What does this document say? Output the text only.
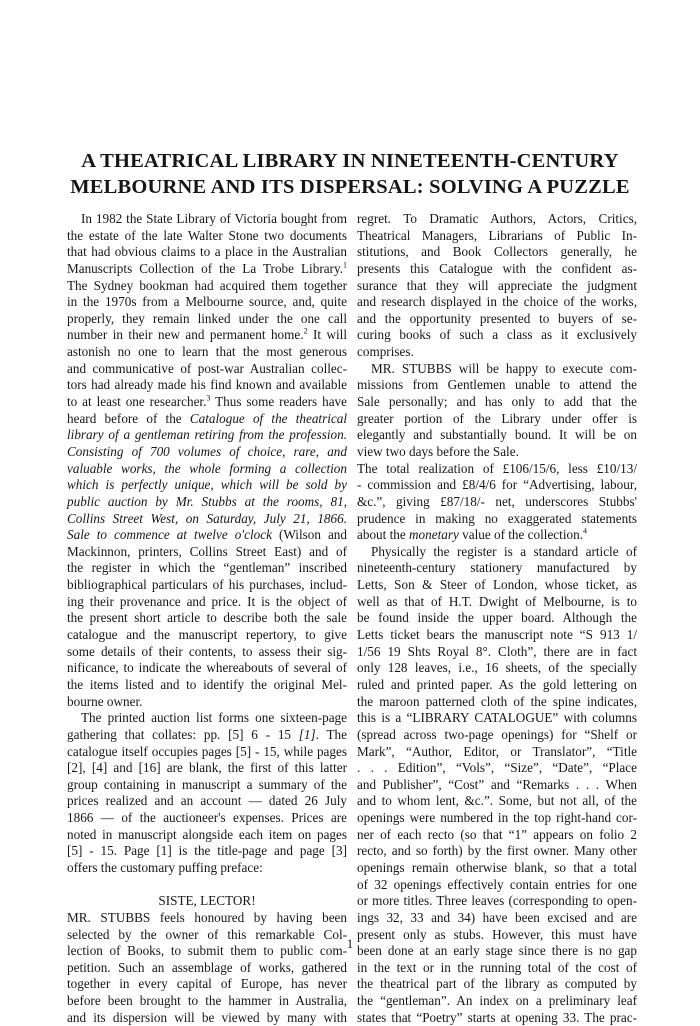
A THEATRICAL LIBRARY IN NINETEENTH-CENTURY
MELBOURNE AND ITS DISPERSAL: SOLVING A PUZZLE
In 1982 the State Library of Victoria bought from
the estate of the late Walter Stone two documents
that had obvious claims to a place in the Australian
Manuscripts Collection of the La Trobe Library.$^1$
The Sydney bookman had acquired them together
in the 1970s from a Melbourne source, and, quite
properly, they remain linked under the one call
number in their new and permanent home.$^2$ It will
astonish no one to learn that the most generous
and communicative of post-war Australian collec-
tors had already made his find known and available
to at least one researcher.$^3$ Thus some readers have
heard before of the Catalogue of the theatrical
library of a gentleman retiring from the profession.
Consisting of 700 volumes of choice, rare, and
valuable works, the whole forming a collection
which is perfectly unique, which will be sold by
public auction by Mr. Stubbs at the rooms, 81,
Collins Street West, on Saturday, July 21, 1866.
Sale to commence at twelve o'clock (Wilson and
Mackinnon, printers, Collins Street East) and of
the register in which the “gentleman” inscribed
bibliographical particulars of his purchases, includ-
ing their provenance and price. It is the object of
the present short article to describe both the sale
catalogue and the manuscript repertory, to give
some details of their contents, to assess their sig-
nificance, to indicate the whereabouts of several of
the items listed and to identify the original Mel-
bourne owner.
The printed auction list forms one sixteen-page
gathering that collates: pp. [5] 6 - 15 [1]. The
catalogue itself occupies pages [5] - 15, while pages
[2], [4] and [16] are blank, the first of this latter
group containing in manuscript a summary of the
prices realized and an account — dated 26 July
1866 — of the auctioneer's expenses. Prices are
noted in manuscript alongside each item on pages
[5] - 15. Page [1] is the title-page and page [3]
offers the customary puffing preface:
SISTE, LECTOR!
MR. STUBBS feels honoured by having been
selected by the owner of this remarkable Col-
lection of Books, to submit them to public com-
petition. Such an assemblage of works, gathered
together in every capital of Europe, has never
before been brought to the hammer in Australia,
and its dispersion will be viewed by many with
regret. To Dramatic Authors, Actors, Critics,
Theatrical Managers, Librarians of Public In-
stitutions, and Book Collectors generally, he
presents this Catalogue with the confident as-
surance that they will appreciate the judgment
and research displayed in the choice of the works,
and the opportunity presented to buyers of se-
curing books of such a class as it exclusively
comprises.
MR. STUBBS will be happy to execute com-
missions from Gentlemen unable to attend the
Sale personally; and has only to add that the
greater portion of the Library under offer is
elegantly and substantially bound. It will be on
view two days before the Sale.
The total realization of £106/15/6, less £10/13/
- commission and £8/4/6 for “Advertising, labour,
&c.”, giving £87/18/- net, underscores Stubbs'
prudence in making no exaggerated statements
about the monetary value of the collection.$^4$
Physically the register is a standard article of
nineteenth-century stationery manufactured by
Letts, Son & Steer of London, whose ticket, as
well as that of H.T. Dwight of Melbourne, is to
be found inside the upper board. Although the
Letts ticket bears the manuscript note “S 913 1/
1/56 19 Shts Royal 8°. Cloth”, there are in fact
only 128 leaves, i.e., 16 sheets, of the specially
ruled and printed paper. As the gold lettering on
the maroon patterned cloth of the spine indicates,
this is a “LIBRARY CATALOGUE” with columns
(spread across two-page openings) for “Shelf or
Mark”, “Author, Editor, or Translator”, “Title
. . . Edition”, “Vols”, “Size”, “Date”, “Place
and Publisher”, “Cost” and “Remarks . . . When
and to whom lent, &c.”. Some, but not all, of the
openings were numbered in the top right-hand cor-
ner of each recto (so that “1” appears on folio 2
recto, and so forth) by the first owner. Many other
openings remain otherwise blank, so that a total
of 32 openings effectively contain entries for one
or more titles. Three leaves (corresponding to open-
ings 32, 33 and 34) have been excised and are
present only as stubs. However, this must have
been done at an early stage since there is no gap
in the text or in the running total of the cost of
the theatrical part of the library as computed by
the “gentleman”. An index on a preliminary leaf
states that “Poetry” starts at opening 33. The prac-
1
